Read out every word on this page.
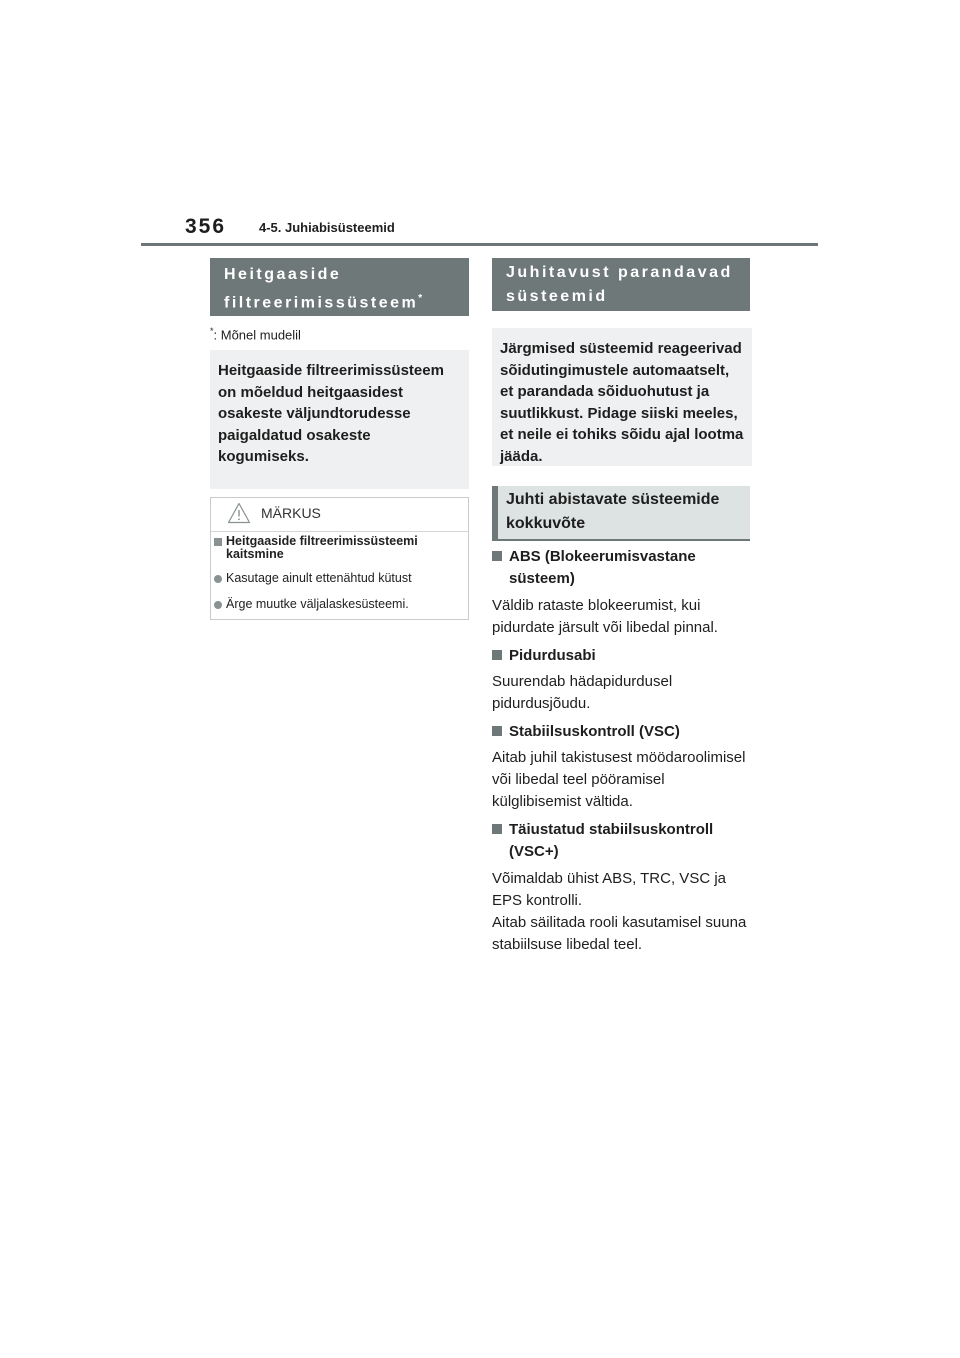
356	4-5. Juhiabisüsteemid
Heitgaaside filtreerimissüsteem*
*: Mõnel mudelil
Heitgaaside filtreerimissüsteem on mõeldud heitgaasidest osakeste väljundtorudesse paigaldatud osakeste kogumiseks.
MÄRKUS
Heitgaaside filtreerimissüsteemi kaitsmine
Kasutage ainult ettenähtud kütust
Ärge muutke väljalaskesüsteemi.
Juhitavust parandavad süsteemid
Järgmised süsteemid reageerivad sõidutingimustele automaatselt, et parandada sõiduohutust ja suutlikkust. Pidage siiski meeles, et neile ei tohiks sõidu ajal lootma jääda.
Juhti abistavate süsteemide kokkuvõte
ABS (Blokeerumisvastane süsteem)
Väldib rataste blokeerumist, kui pidurdate järsult või libedal pinnal.
Pidurdusabi
Suurendab hädapidurdusel pidurdusjõudu.
Stabiilsuskontroll (VSC)
Aitab juhil takistusest möödaroolimisel või libedal teel pööramisel külglibisemist vältida.
Täiustatud stabiilsuskontroll (VSC+)
Võimaldab ühist ABS, TRC, VSC ja EPS kontrolli.
Aitab säilitada rooli kasutamisel suuna stabiilsuse libedal teel.
